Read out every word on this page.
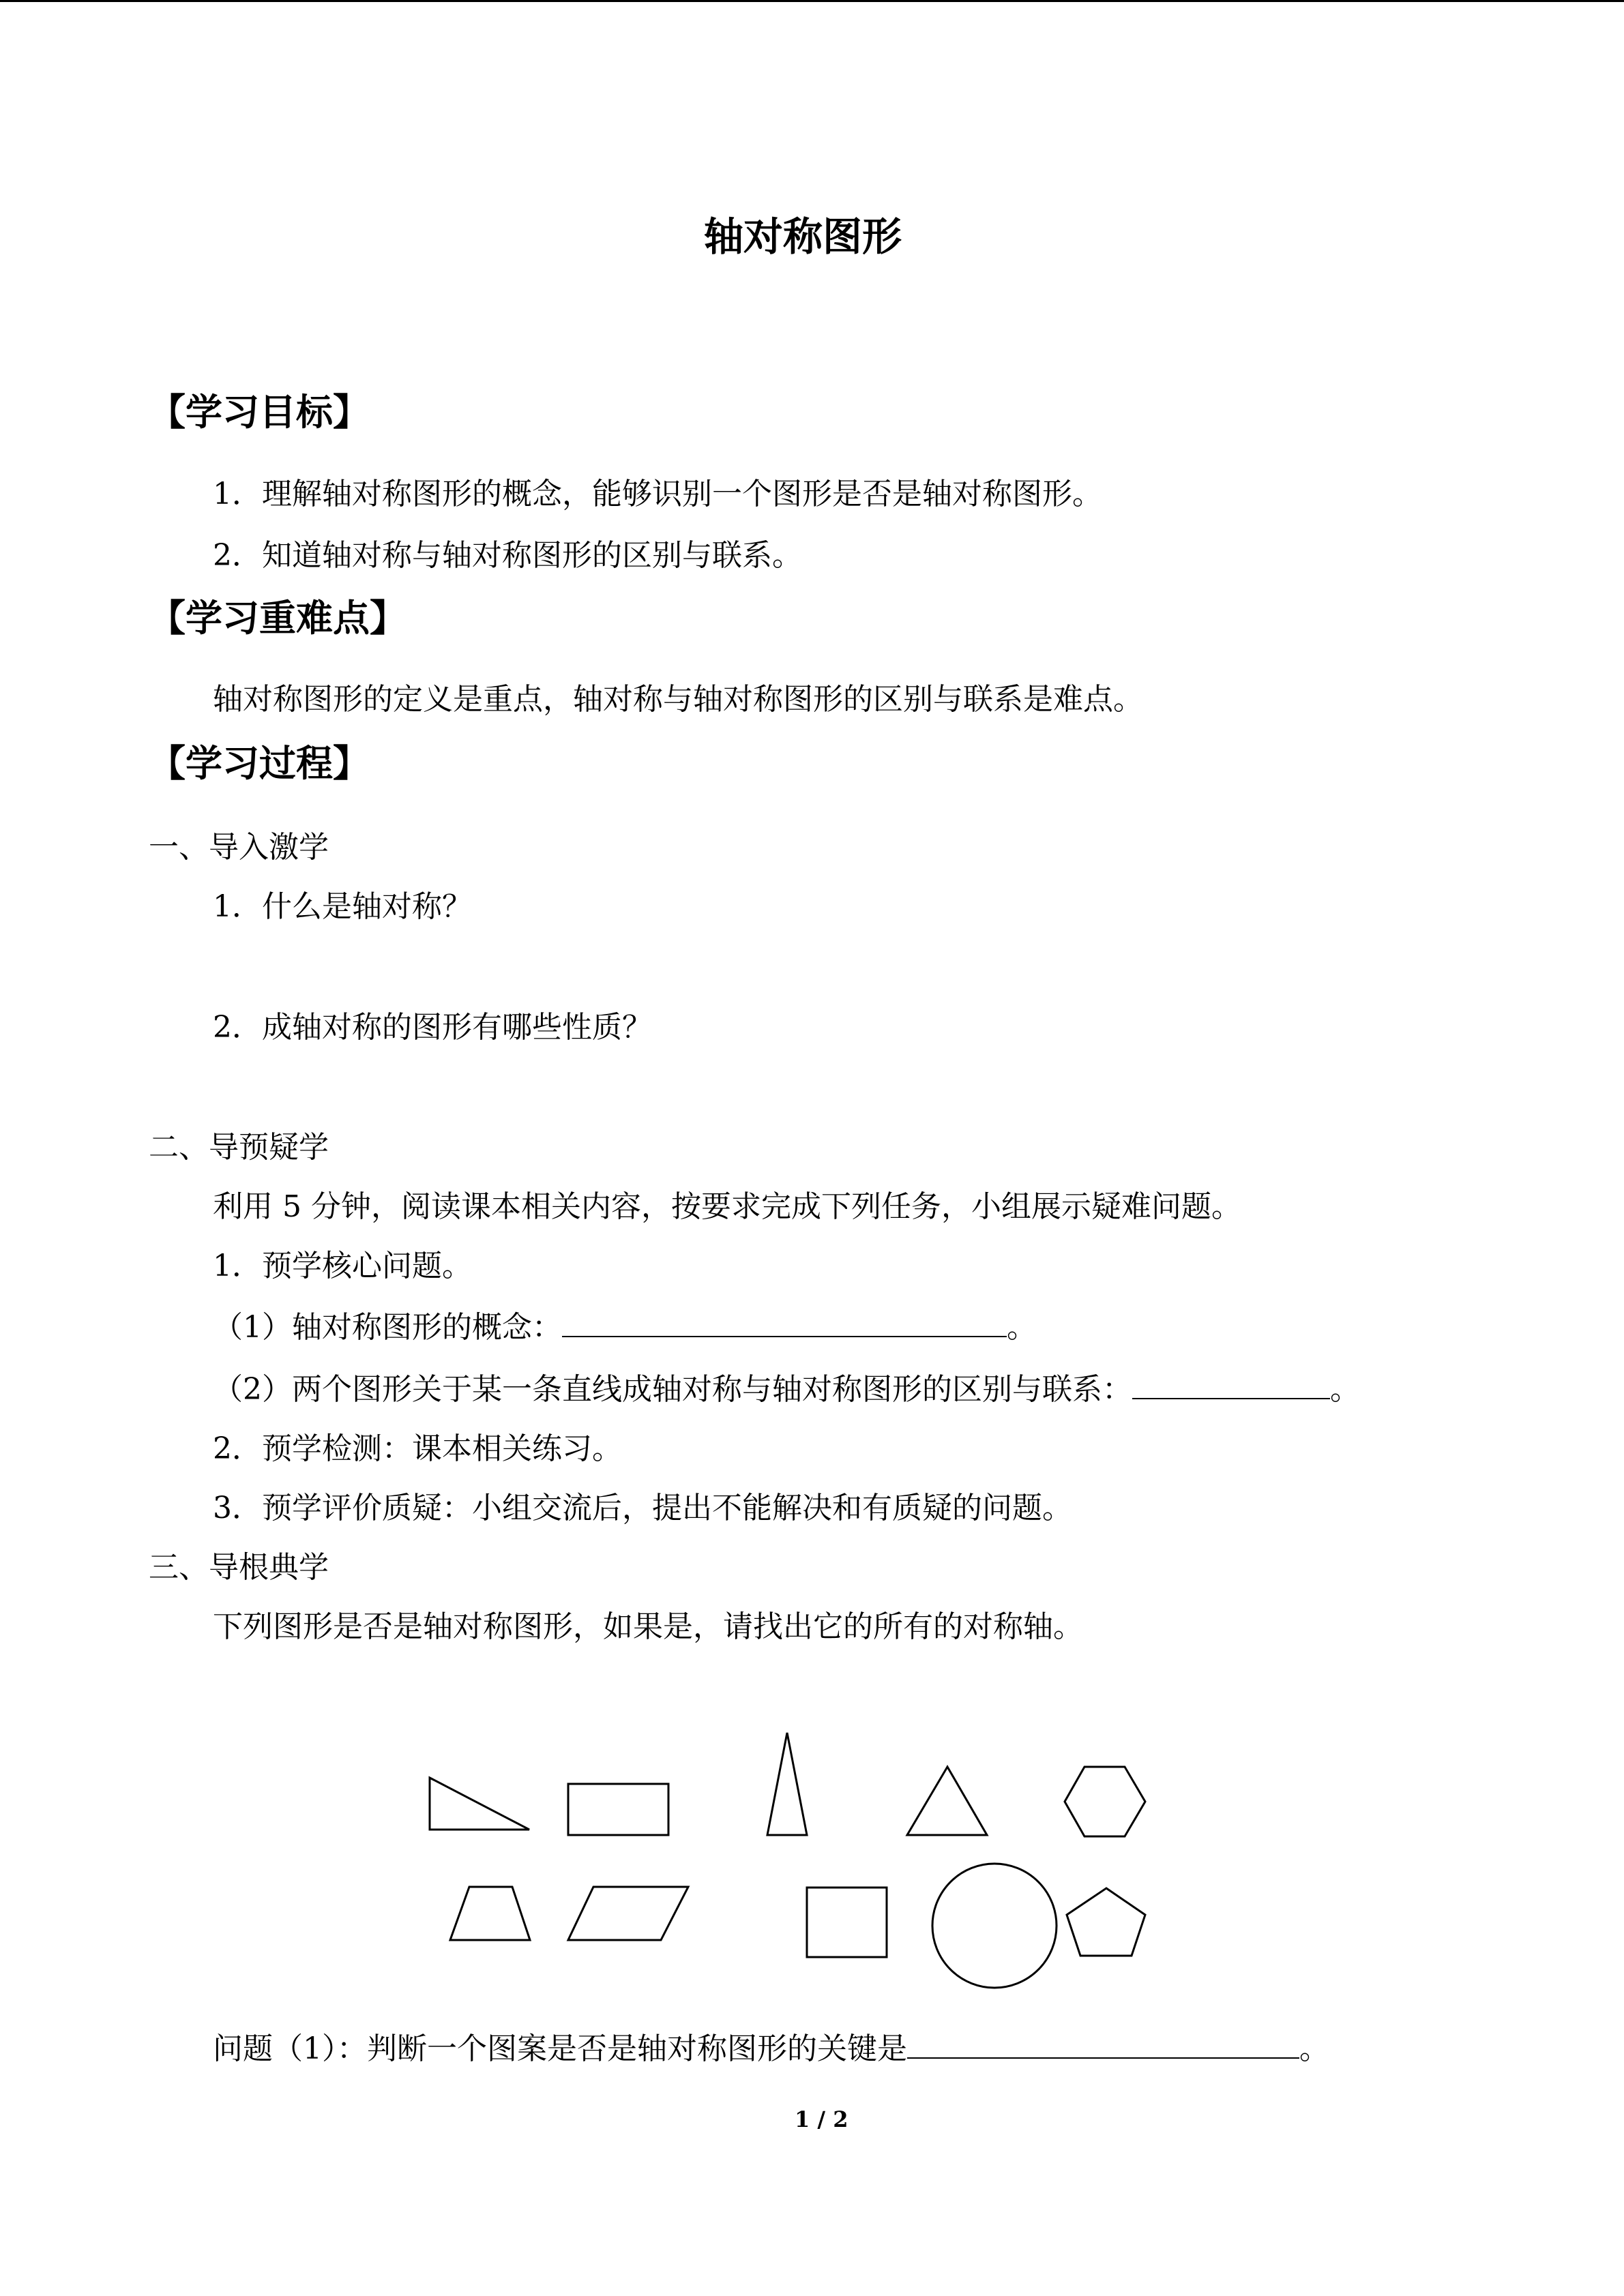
轴对称图形
【学习目标】
1．理解轴对称图形的概念，能够识别一个图形是否是轴对称图形。
2．知道轴对称与轴对称图形的区别与联系。
【学习重难点】
轴对称图形的定义是重点，轴对称与轴对称图形的区别与联系是难点。
【学习过程】
一、导入激学
1．什么是轴对称？
2．成轴对称的图形有哪些性质？
二、导预疑学
利用 5 分钟，阅读课本相关内容，按要求完成下列任务，小组展示疑难问题。
1．预学核心问题。
（1）轴对称图形的概念：	。
（2）两个图形关于某一条直线成轴对称与轴对称图形的区别与联系：	。
2．预学检测：课本相关练习。
3．预学评价质疑：小组交流后，提出不能解决和有质疑的问题。
三、导根典学
下列图形是否是轴对称图形，如果是，请找出它的所有的对称轴。
问题（1）：判断一个图案是否是轴对称图形的关键是	。
1 / 2
